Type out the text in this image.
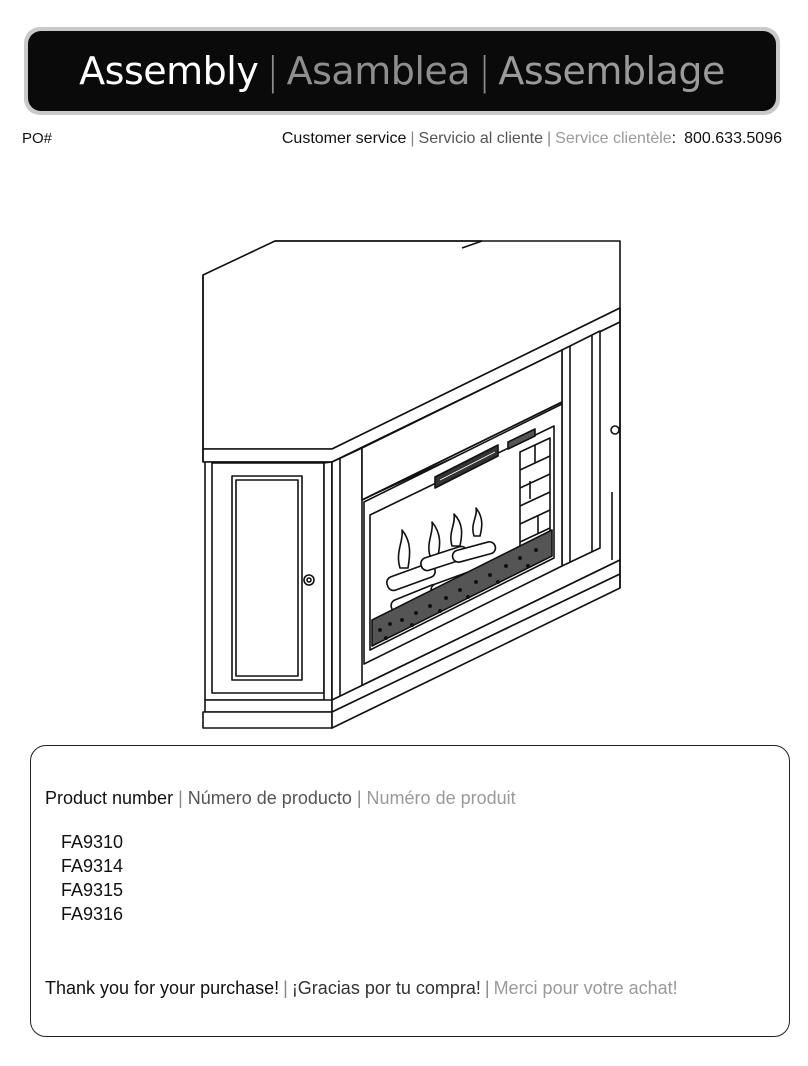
Assembly | Asamblea | Assemblage
PO#	Customer service | Servicio al cliente | Service clientèle: 800.633.5096
Product number | Número de producto | Numéro de produit
FA9310
FA9314
FA9315
FA9316
Thank you for your purchase! | ¡Gracias por tu compra! | Merci pour votre achat!
